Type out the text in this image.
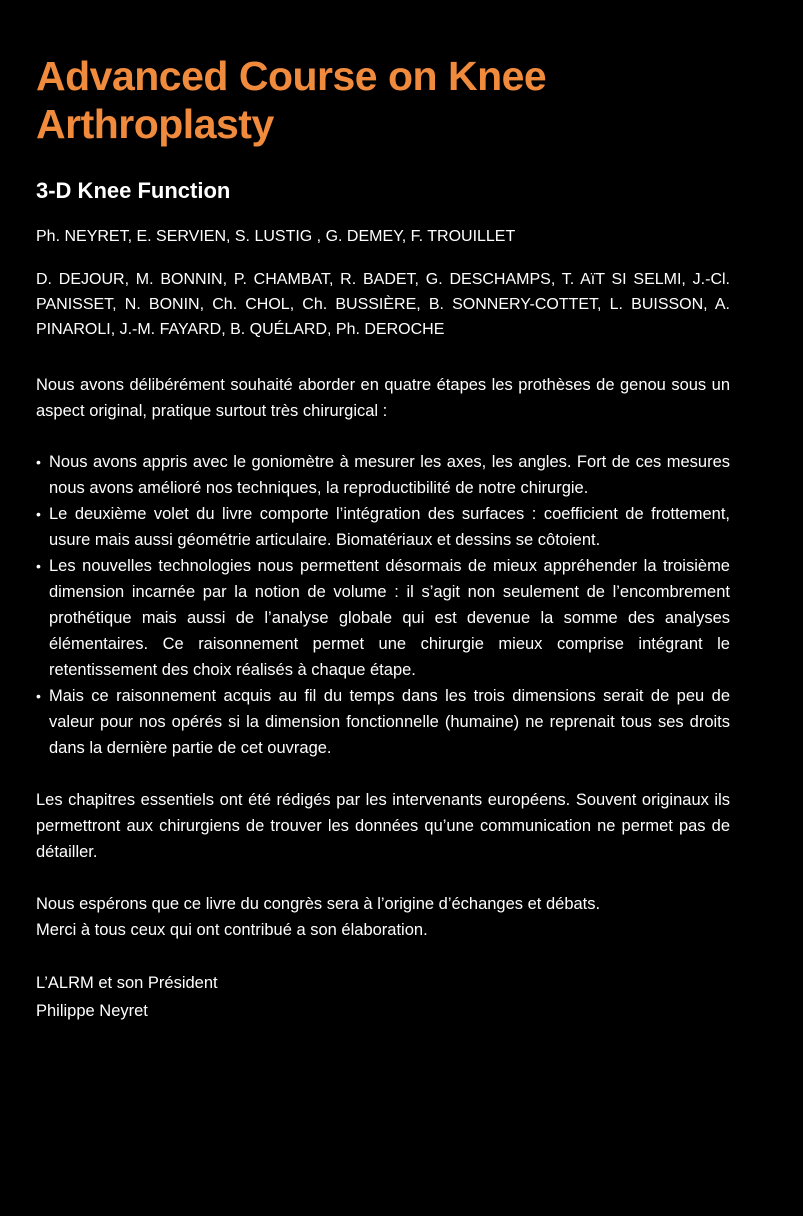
Advanced Course on Knee Arthroplasty
3-D Knee Function

Ph. NEYRET, E. SERVIEN, S. LUSTIG , G. DEMEY, F. TROUILLET

D. DEJOUR, M. BONNIN, P. CHAMBAT, R. BADET, G. DESCHAMPS, T. AïT SI SELMI, J.-Cl. PANISSET, N. BONIN, Ch. CHOL, Ch. BUSSIÈRE, B. SONNERY-COTTET, L. BUISSON, A. PINAROLI, J.-M. FAYARD, B. QUÉLARD, Ph. DEROCHE

Nous avons délibérément souhaité aborder en quatre étapes les prothèses de genou sous un aspect original, pratique surtout très chirurgical :

• Nous avons appris avec le goniomètre à mesurer les axes, les angles. Fort de ces mesures nous avons amélioré nos techniques, la reproductibilité de notre chirurgie.
• Le deuxième volet du livre comporte l’intégration des surfaces : coefficient de frottement, usure mais aussi géométrie articulaire. Biomatériaux et dessins se côtoient.
• Les nouvelles technologies nous permettent désormais de mieux appréhender la troisième dimension incarnée par la notion de volume : il s’agit non seulement de l’encombrement prothétique mais aussi de l’analyse globale qui est devenue la somme des analyses élémentaires. Ce raisonnement permet une chirurgie mieux comprise intégrant le retentissement des choix réalisés à chaque étape.
• Mais ce raisonnement acquis au fil du temps dans les trois dimensions serait de peu de valeur pour nos opérés si la dimension fonctionnelle (humaine) ne reprenait tous ses droits dans la dernière partie de cet ouvrage.

Les chapitres essentiels ont été rédigés par les intervenants européens. Souvent originaux ils permettront aux chirurgiens de trouver les données qu’une communication ne permet pas de détailler.

Nous espérons que ce livre du congrès sera à l’origine d’échanges et débats.

Merci à tous ceux qui ont contribué a son élaboration.

L’ALRM et son Président

Philippe Neyret
